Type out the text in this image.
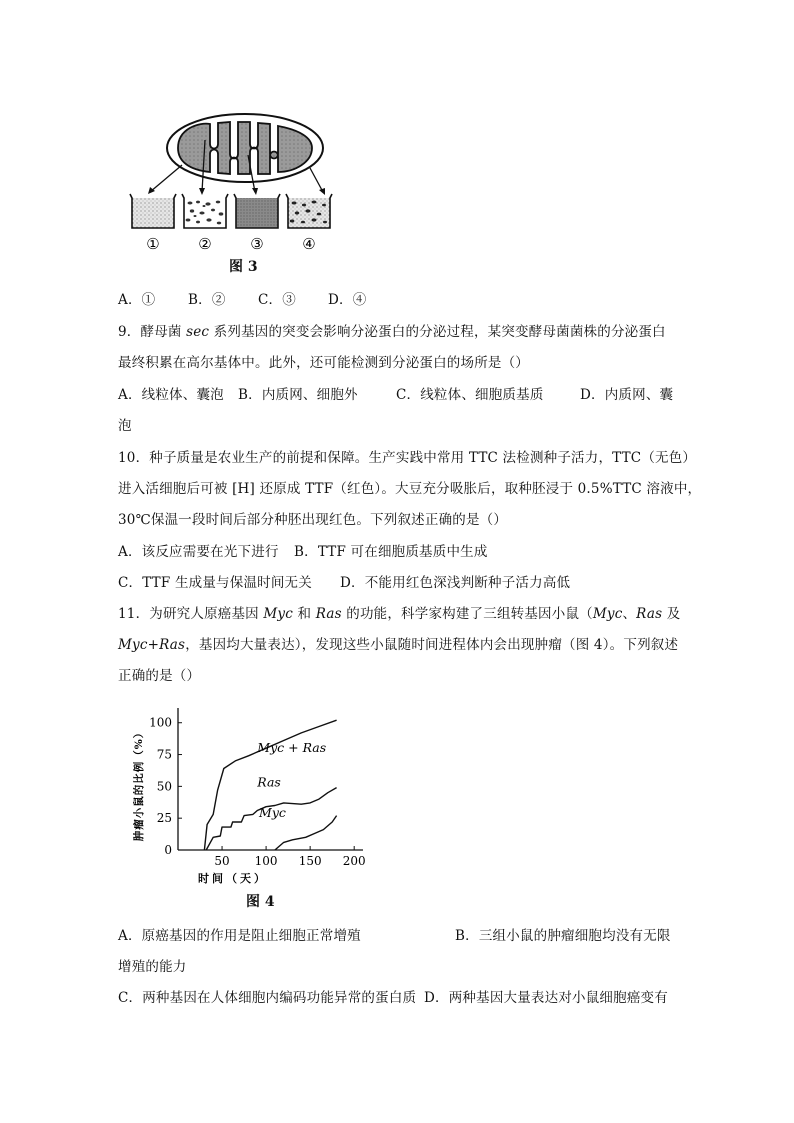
①	②	③	④
图 3
A．① B．② C．③ D．④
9．酵母菌 sec 系列基因的突变会影响分泌蛋白的分泌过程，某突变酵母菌菌株的分泌蛋白
最终积累在高尔基体中。此外，还可能检测到分泌蛋白的场所是（）
A．线粒体、囊泡 B．内质网、细胞外	C．线粒体、细胞质基质	D．内质网、囊
泡
10．种子质量是农业生产的前提和保障。生产实践中常用 TTC 法检测种子活力，TTC（无色）
进入活细胞后可被 [H] 还原成 TTF（红色）。大豆充分吸胀后，取种胚浸于 0.5%TTC 溶液中，
30℃保温一段时间后部分种胚出现红色。下列叙述正确的是（）
A．该反应需要在光下进行 B．TTF 可在细胞质基质中生成
C．TTF 生成量与保温时间无关 D．不能用红色深浅判断种子活力高低
11．为研究人原癌基因 Myc 和 Ras 的功能，科学家构建了三组转基因小鼠（Myc、Ras 及
Myc+Ras，基因均大量表达），发现这些小鼠随时间进程体内会出现肿瘤（图 4）。下列叙述
正确的是（）
0
25
50
75
100
50 100 150 200
时间（天）
肿瘤小鼠的比例（%）	Myc + Ras
Ras
Myc
图 4
A．原癌基因的作用是阻止细胞正常增殖	B．三组小鼠的肿瘤细胞均没有无限
增殖的能力
C．两种基因在人体细胞内编码功能异常的蛋白质 D．两种基因大量表达对小鼠细胞癌变有
